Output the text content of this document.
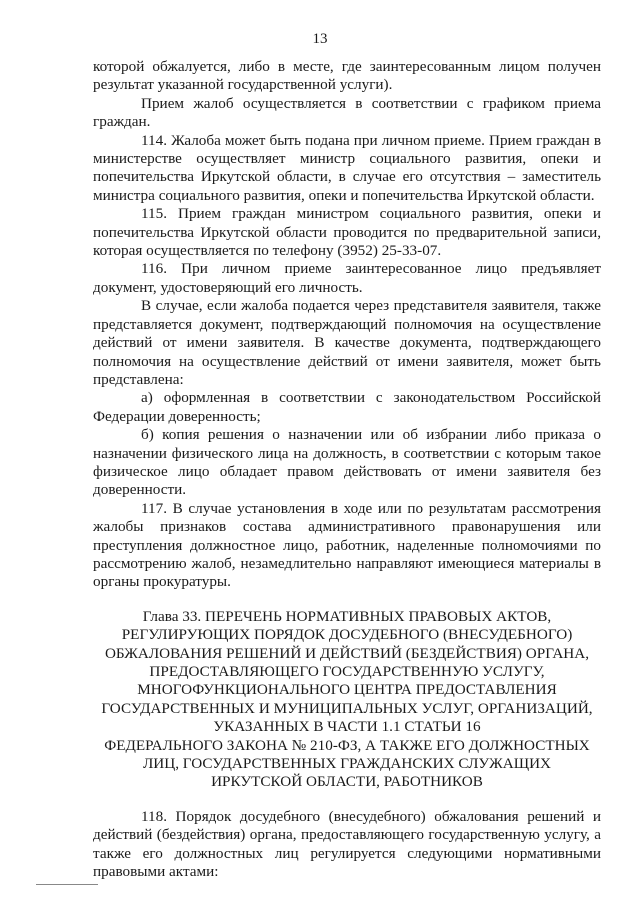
13

которой обжалуется, либо в месте, где заинтересованным лицом получен результат указанной государственной услуги).

Прием жалоб осуществляется в соответствии с графиком приема граждан.

114. Жалоба может быть подана при личном приеме. Прием граждан в министерстве осуществляет министр социального развития, опеки и попечительства Иркутской области, в случае его отсутствия – заместитель министра социального развития, опеки и попечительства Иркутской области.

115. Прием граждан министром социального развития, опеки и попечительства Иркутской области проводится по предварительной записи, которая осуществляется по телефону (3952) 25-33-07.

116. При личном приеме заинтересованное лицо предъявляет документ, удостоверяющий его личность.

В случае, если жалоба подается через представителя заявителя, также представляется документ, подтверждающий полномочия на осуществление действий от имени заявителя. В качестве документа, подтверждающего полномочия на осуществление действий от имени заявителя, может быть представлена:

а) оформленная в соответствии с законодательством Российской Федерации доверенность;

б) копия решения о назначении или об избрании либо приказа о назначении физического лица на должность, в соответствии с которым такое физическое лицо обладает правом действовать от имени заявителя без доверенности.

117. В случае установления в ходе или по результатам рассмотрения жалобы признаков состава административного правонарушения или преступления должностное лицо, работник, наделенные полномочиями по рассмотрению жалоб, незамедлительно направляют имеющиеся материалы в органы прокуратуры.

Глава 33. ПЕРЕЧЕНЬ НОРМАТИВНЫХ ПРАВОВЫХ АКТОВ,
РЕГУЛИРУЮЩИХ ПОРЯДОК ДОСУДЕБНОГО (ВНЕСУДЕБНОГО)
ОБЖАЛОВАНИЯ РЕШЕНИЙ И ДЕЙСТВИЙ (БЕЗДЕЙСТВИЯ) ОРГАНА,
ПРЕДОСТАВЛЯЮЩЕГО ГОСУДАРСТВЕННУЮ УСЛУГУ,
МНОГОФУНКЦИОНАЛЬНОГО ЦЕНТРА ПРЕДОСТАВЛЕНИЯ
ГОСУДАРСТВЕННЫХ И МУНИЦИПАЛЬНЫХ УСЛУГ, ОРГАНИЗАЦИЙ,
УКАЗАННЫХ В ЧАСТИ 1.1 СТАТЬИ 16
ФЕДЕРАЛЬНОГО ЗАКОНА № 210-ФЗ, А ТАКЖЕ ЕГО ДОЛЖНОСТНЫХ
ЛИЦ, ГОСУДАРСТВЕННЫХ ГРАЖДАНСКИХ СЛУЖАЩИХ
ИРКУТСКОЙ ОБЛАСТИ, РАБОТНИКОВ

118. Порядок досудебного (внесудебного) обжалования решений и действий (бездействия) органа, предоставляющего государственную услугу, а также его должностных лиц регулируется следующими нормативными правовыми актами:
